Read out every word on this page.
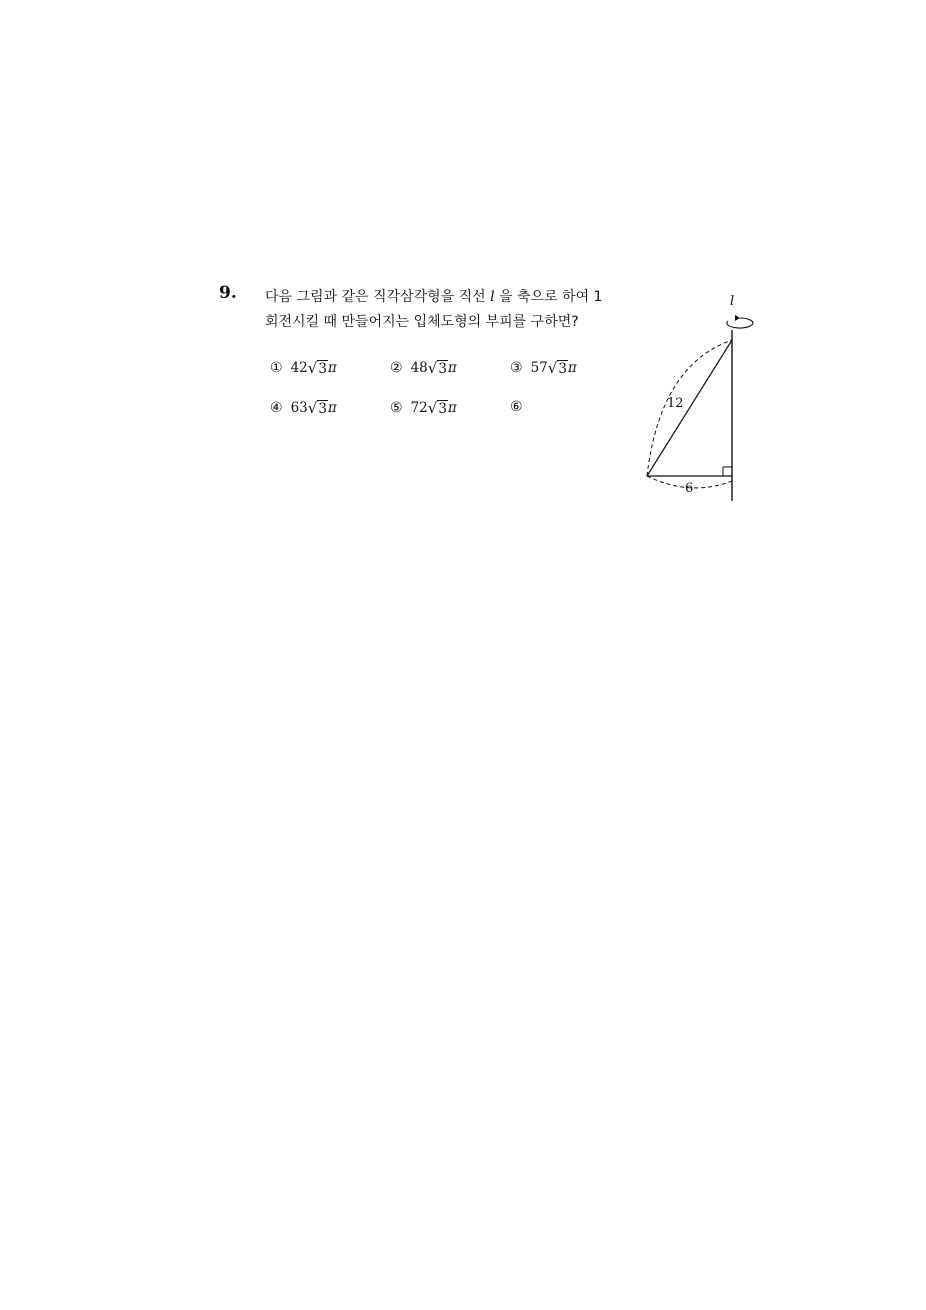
9. 다음 그림과 같은 직각삼각형을 직선 l 을 축으로 하여 1
회전시킬 때 만들어지는 입체도형의 부피를 구하면?
① 42 √ 3 π	② 48 √ 3 π	③ 57 √ 3 π
④ 63 √ 3 π	⑤ 72 √ 3 π	⑥
l
12
6
